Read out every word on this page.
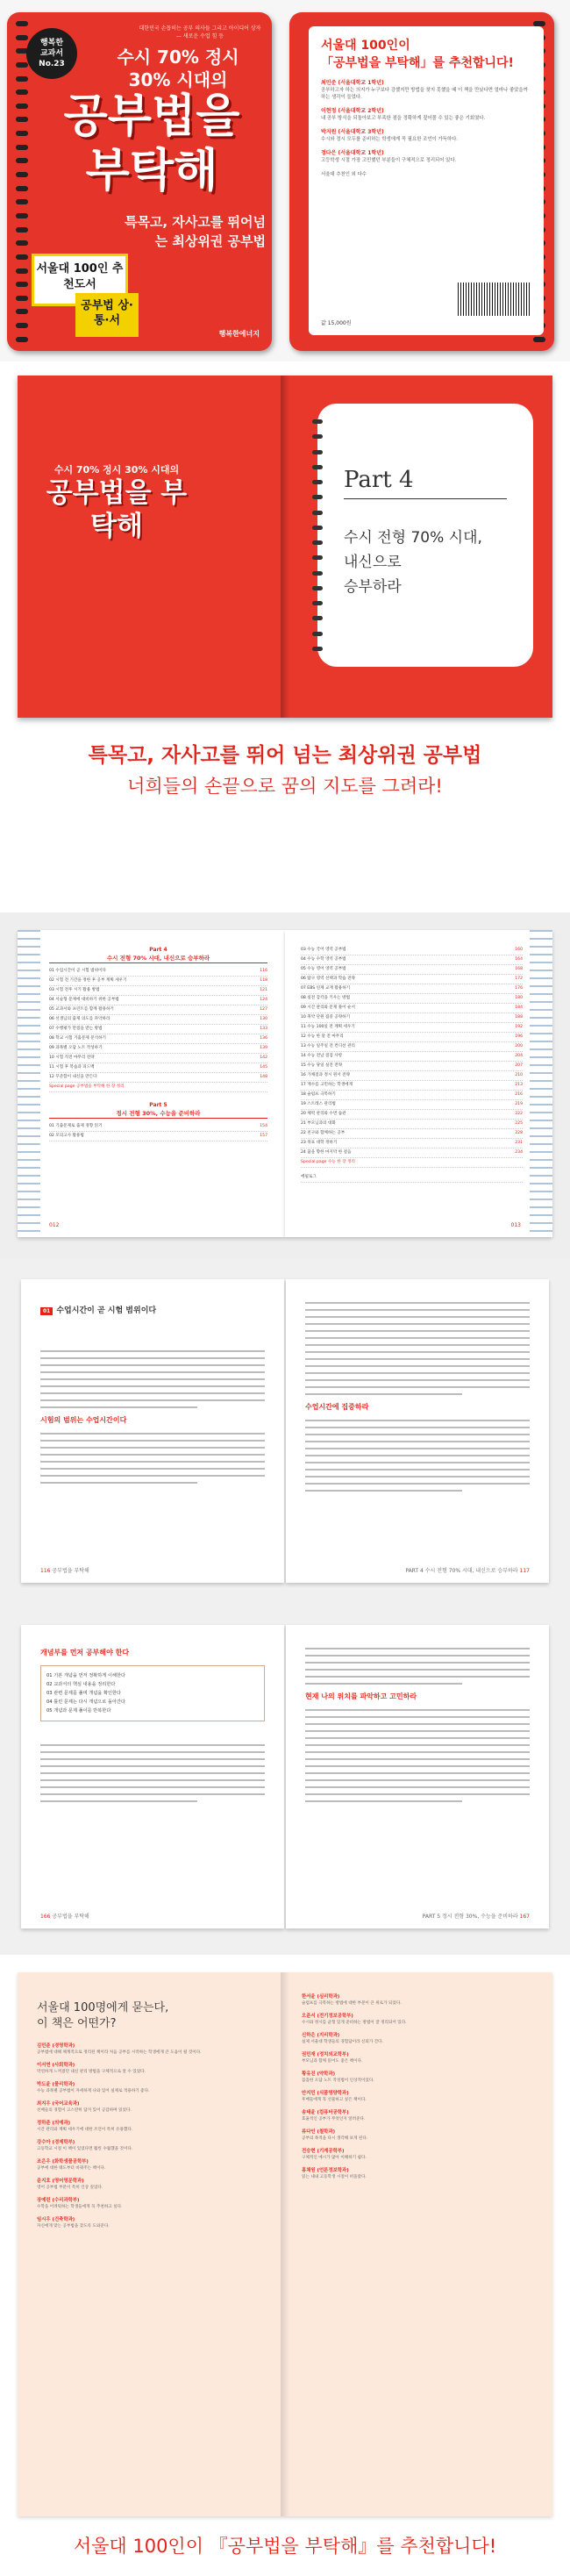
행복한
교과서
No.23
대한민국 손꼽히는 공부 의사들 그리고 아이디어 상자 — 새로운 수업 힘 등
수시 70% 정시 30% 시대의
공부법을 부탁해
특목고, 자사고를 뛰어넘는 최상위권 공부법
서울대 100인 추천도서
공부법 상·통·서
행복한에너지
서울대 100인이
「공부법을 부탁해」를 추천합니다!
최민준 (서울대학교 1학년)
공부하고자 하는 의지가 누구보다 강했지만 방법을 찾지 못했을 때 이 책을 만났다면 얼마나 좋았을까 하는 생각이 들었다.
이현정 (서울대학교 2학년)
내 공부 방식을 되돌아보고 부족한 점을 정확하게 짚어볼 수 있는 좋은 기회였다.
박지원 (서울대학교 3학년)
수시와 정시 모두를 준비하는 학생에게 꼭 필요한 조언이 가득하다.
정다은 (서울대학교 1학년)
고등학생 시절 가장 고민했던 부분들이 구체적으로 정리되어 있다.
서울대 추천인 외 다수
값 15,000원
수시 70% 정시 30% 시대의
공부법을 부탁해
Part 4
수시 전형 70% 시대,
내신으로
승부하라
특목고, 자사고를 뛰어 넘는 최상위권 공부법
너희들의 손끝으로 꿈의 지도를 그려라!
Part 4
수시 전형 70% 시대, 내신으로 승부하라
01 수업시간이 곧 시험 범위이다	116
02 시험 전 기간을 정한 후 공부 계획 세우기	118
03 시험 전후 시기 활용 방법	121
04 서술형 문제에 대비하기 위한 공부법	124
05 교과서와 프린트를 함께 활용하기	127
06 선생님의 출제 의도를 파악하라	130
07 수행평가 만점을 받는 방법	133
08 학교 시험 기출문제 분석하기	136
09 과목별 오답 노트 작성하기	139
10 시험 직전 마무리 전략	142
11 시험 후 복습과 피드백	145
12 꾸준함이 내신을 만든다	148
Special page 공부법을 부탁해 한 장 정리
Part 5
정시 전형 30%, 수능을 준비하라
01 기출문제로 출제 경향 읽기	154
02 모의고사 활용법	157
012
03 수능 국어 영역 공부법	160
04 수능 수학 영역 공부법	164
05 수능 영어 영역 공부법	168
06 탐구 영역 선택과 학습 전략	172
07 EBS 연계 교재 활용하기	176
08 실전 감각을 키우는 방법	180
09 시간 관리와 문제 풀이 순서	184
10 취약 단원 집중 공략하기	188
11 수능 100일 전 계획 세우기	192
12 수능 한 달 전 마무리	196
13 수능 일주일 전 컨디션 관리	200
14 수능 전날 점검 사항	204
15 수능 당일 실전 전략	207
16 가채점과 정시 원서 전략	210
17 재수를 고민하는 학생에게	213
18 슬럼프 극복하기	216
19 스트레스 관리법	219
20 체력 관리와 수면 습관	222
21 부모님과의 대화	225
22 친구와 함께하는 공부	228
23 목표 대학 정하기	231
24 꿈을 향한 마지막 한 걸음	234
Special page 수능 한 장 정리
에필로그
013
01 수업시간이 곧 시험 범위이다
시험의 범위는 수업시간이다
116 공부법을 부탁해
수업시간에 집중하라
PART 4 수시 전형 70% 시대, 내신으로 승부하라 117
개념부를 먼저 공부해야 한다
01 기본 개념을 먼저 정확하게 이해한다
02 교과서의 핵심 내용을 정리한다
03 관련 문제를 풀며 개념을 확인한다
04 틀린 문제는 다시 개념으로 돌아간다
05 개념과 문제 풀이를 반복한다
166 공부법을 부탁해
현재 나의 위치를 파악하고 고민하라
PART 5 정시 전형 30%, 수능을 준비하라 167
서울대 100명에게 묻는다,
이 책은 어떤가?
김민준 (경영학과)
공부법에 대해 체계적으로 정리된 책이라 처음 공부를 시작하는 학생에게 큰 도움이 될 것이다.
이서연 (사회학과)
막연하게 느껴졌던 내신 관리 방법을 구체적으로 알 수 있었다.
박도윤 (물리학과)
수능 과목별 공부법이 자세하게 나와 있어 실제로 적용하기 좋다.
최지우 (국어교육과)
선배들의 경험이 고스란히 담겨 있어 공감하며 읽었다.
정하준 (의예과)
시간 관리와 계획 세우기에 대한 조언이 특히 유용했다.
강수아 (경제학부)
고등학교 시절 이 책이 있었다면 훨씬 수월했을 것이다.
조은우 (화학생물공학부)
공부에 대한 태도부터 바꿔주는 책이다.
윤지호 (영어영문학과)
영어 공부법 부분이 특히 인상 깊었다.
장예린 (수리과학부)
수학을 어려워하는 학생들에게 꼭 추천하고 싶다.
임시우 (건축학과)
자신에게 맞는 공부법을 찾도록 도와준다.
한서윤 (심리학과)
슬럼프를 극복하는 방법에 대한 부분이 큰 위로가 되었다.
오준서 (전기정보공학부)
수시와 정시를 균형 있게 준비하는 방법이 잘 정리되어 있다.
신하은 (지리학과)
실제 서울대 학생들의 경험담이라 신뢰가 간다.
권민재 (정치외교학부)
부모님과 함께 읽어도 좋은 책이다.
황유진 (약학과)
꼼꼼한 오답 노트 작성법이 인상적이었다.
안지민 (식품영양학과)
후배들에게 꼭 선물하고 싶은 책이다.
송태윤 (컴퓨터공학부)
효율적인 공부가 무엇인지 알려준다.
류다인 (철학과)
공부의 목적을 다시 생각해 보게 된다.
전승현 (기계공학부)
구체적인 예시가 많아 이해하기 쉽다.
홍채원 (언론정보학과)
읽는 내내 고등학생 시절이 떠올랐다.
서울대 100인이 『공부법을 부탁해』를 추천합니다!
